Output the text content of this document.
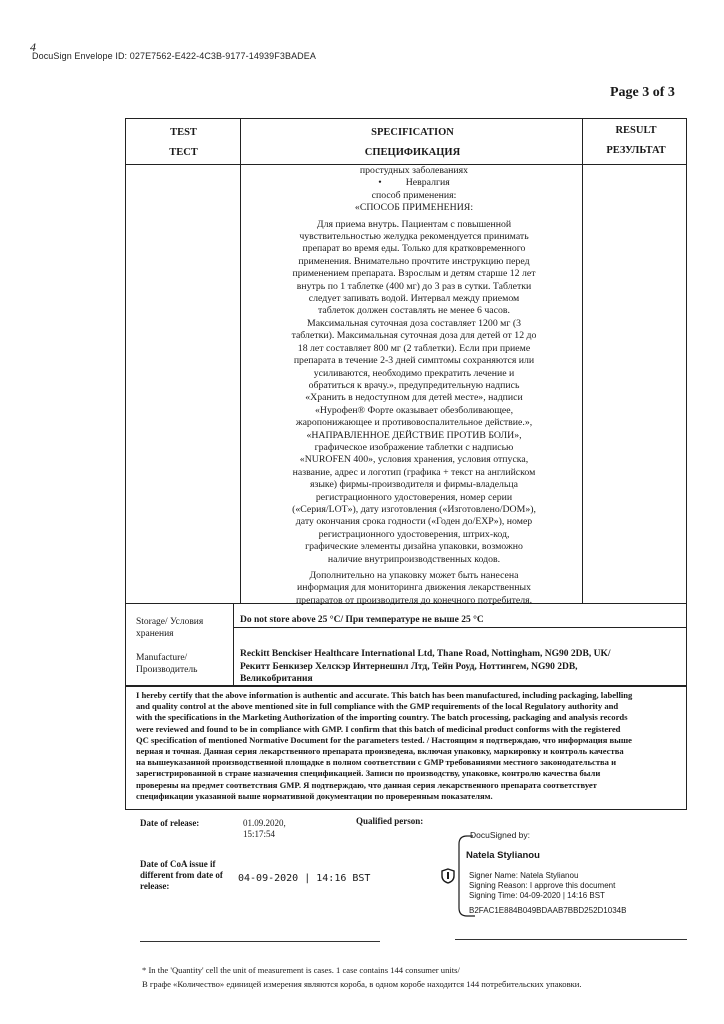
4
DocuSign Envelope ID: 027E7562-E422-4C3B-9177-14939F3BADEA
Page 3 of 3
TEST
ТЕСТ
SPECIFICATION
СПЕЦИФИКАЦИЯ
RESULT
РЕЗУЛЬТАТ

простудных заболеваниях

• Невралгия

способ применения:

«СПОСОБ ПРИМЕНЕНИЯ:

Для приема внутрь. Пациентам с повышенной

чувствительностью желудка рекомендуется принимать

препарат во время еды. Только для кратковременного

применения. Внимательно прочтите инструкцию перед

применением препарата. Взрослым и детям старше 12 лет

внутрь по 1 таблетке (400 мг) до 3 раз в сутки. Таблетки

следует запивать водой. Интервал между приемом

таблеток должен составлять не менее 6 часов.

Максимальная суточная доза составляет 1200 мг (3

таблетки). Максимальная суточная доза для детей от 12 до

18 лет составляет 800 мг (2 таблетки). Если при приеме

препарата в течение 2-3 дней симптомы сохраняются или

усиливаются, необходимо прекратить лечение и

обратиться к врачу.», предупредительную надпись

«Хранить в недоступном для детей месте», надписи

«Нурофен® Форте оказывает обезболивающее,

жаропонижающее и противовоспалительное действие.»,

«НАПРАВЛЕННОЕ ДЕЙСТВИЕ ПРОТИВ БОЛИ»,

графическое изображение таблетки с надписью

«NUROFEN 400», условия хранения, условия отпуска,

название, адрес и логотип (графика + текст на английском

языке) фирмы-производителя и фирмы-владельца

регистрационного удостоверения, номер серии

(«Серия/LOT»), дату изготовления («Изготовлено/DOM»),

дату окончания срока годности («Годен до/EXP»), номер

регистрационного удостоверения, штрих-код,

графические элементы дизайна упаковки, возможно

наличие внутрипроизводственных кодов.

Дополнительно на упаковку может быть нанесена

информация для мониторинга движения лекарственных

препаратов от производителя до конечного потребителя.

Storage/ Условия
хранения
Do not store above 25 °C/ При температуре не выше 25 °C
Manufacture/
Производитель
Reckitt Benckiser Healthcare International Ltd, Thane Road, Nottingham, NG90 2DB, UK/
Рекитт Бенкизер Хелскэр Интернешнл Лтд, Тейн Роуд, Ноттингем, NG90 2DB,
Великобритания

I hereby certify that the above information is authentic and accurate. This batch has been manufactured, including packaging, labelling

and quality control at the above mentioned site in full compliance with the GMP requirements of the local Regulatory authority and

with the specifications in the Marketing Authorization of the importing country. The batch processing, packaging and analysis records

were reviewed and found to be in compliance with GMP. I confirm that this batch of medicinal product conforms with the registered

QC specification of mentioned Normative Document for the parameters tested. / Настоящим я подтверждаю, что информация выше

верная и точная. Данная серия лекарственного препарата произведена, включая упаковку, маркировку и контроль качества

на вышеуказанной производственной площадке в полном соответствии с GMP требованиями местного законодательства и

зарегистрированной в стране назначения спецификацией. Записи по производству, упаковке, контролю качества были

проверены на предмет соответствия GMP. Я подтверждаю, что данная серия лекарственного препарата соответствует

спецификации указанной выше нормативной документации по проверенным показателям.

Date of release:	01.09.2020,
15:17:54
Qualified person:
Date of CoA issue if
different from date of
release:
04-09-2020 | 14:16 BST
DocuSigned by:
Natela Stylianou
Signer Name: Natela Stylianou
Signing Reason: I approve this document
Signing Time: 04-09-2020 | 14:16 BST
B2FAC1E884B049BDAAB7BBD252D1034B
* In the 'Quantity' cell the unit of measurement is cases. 1 case contains 144 consumer units/
В графе «Количество» единицей измерения являются короба, в одном коробе находится 144 потребительских упаковки.
